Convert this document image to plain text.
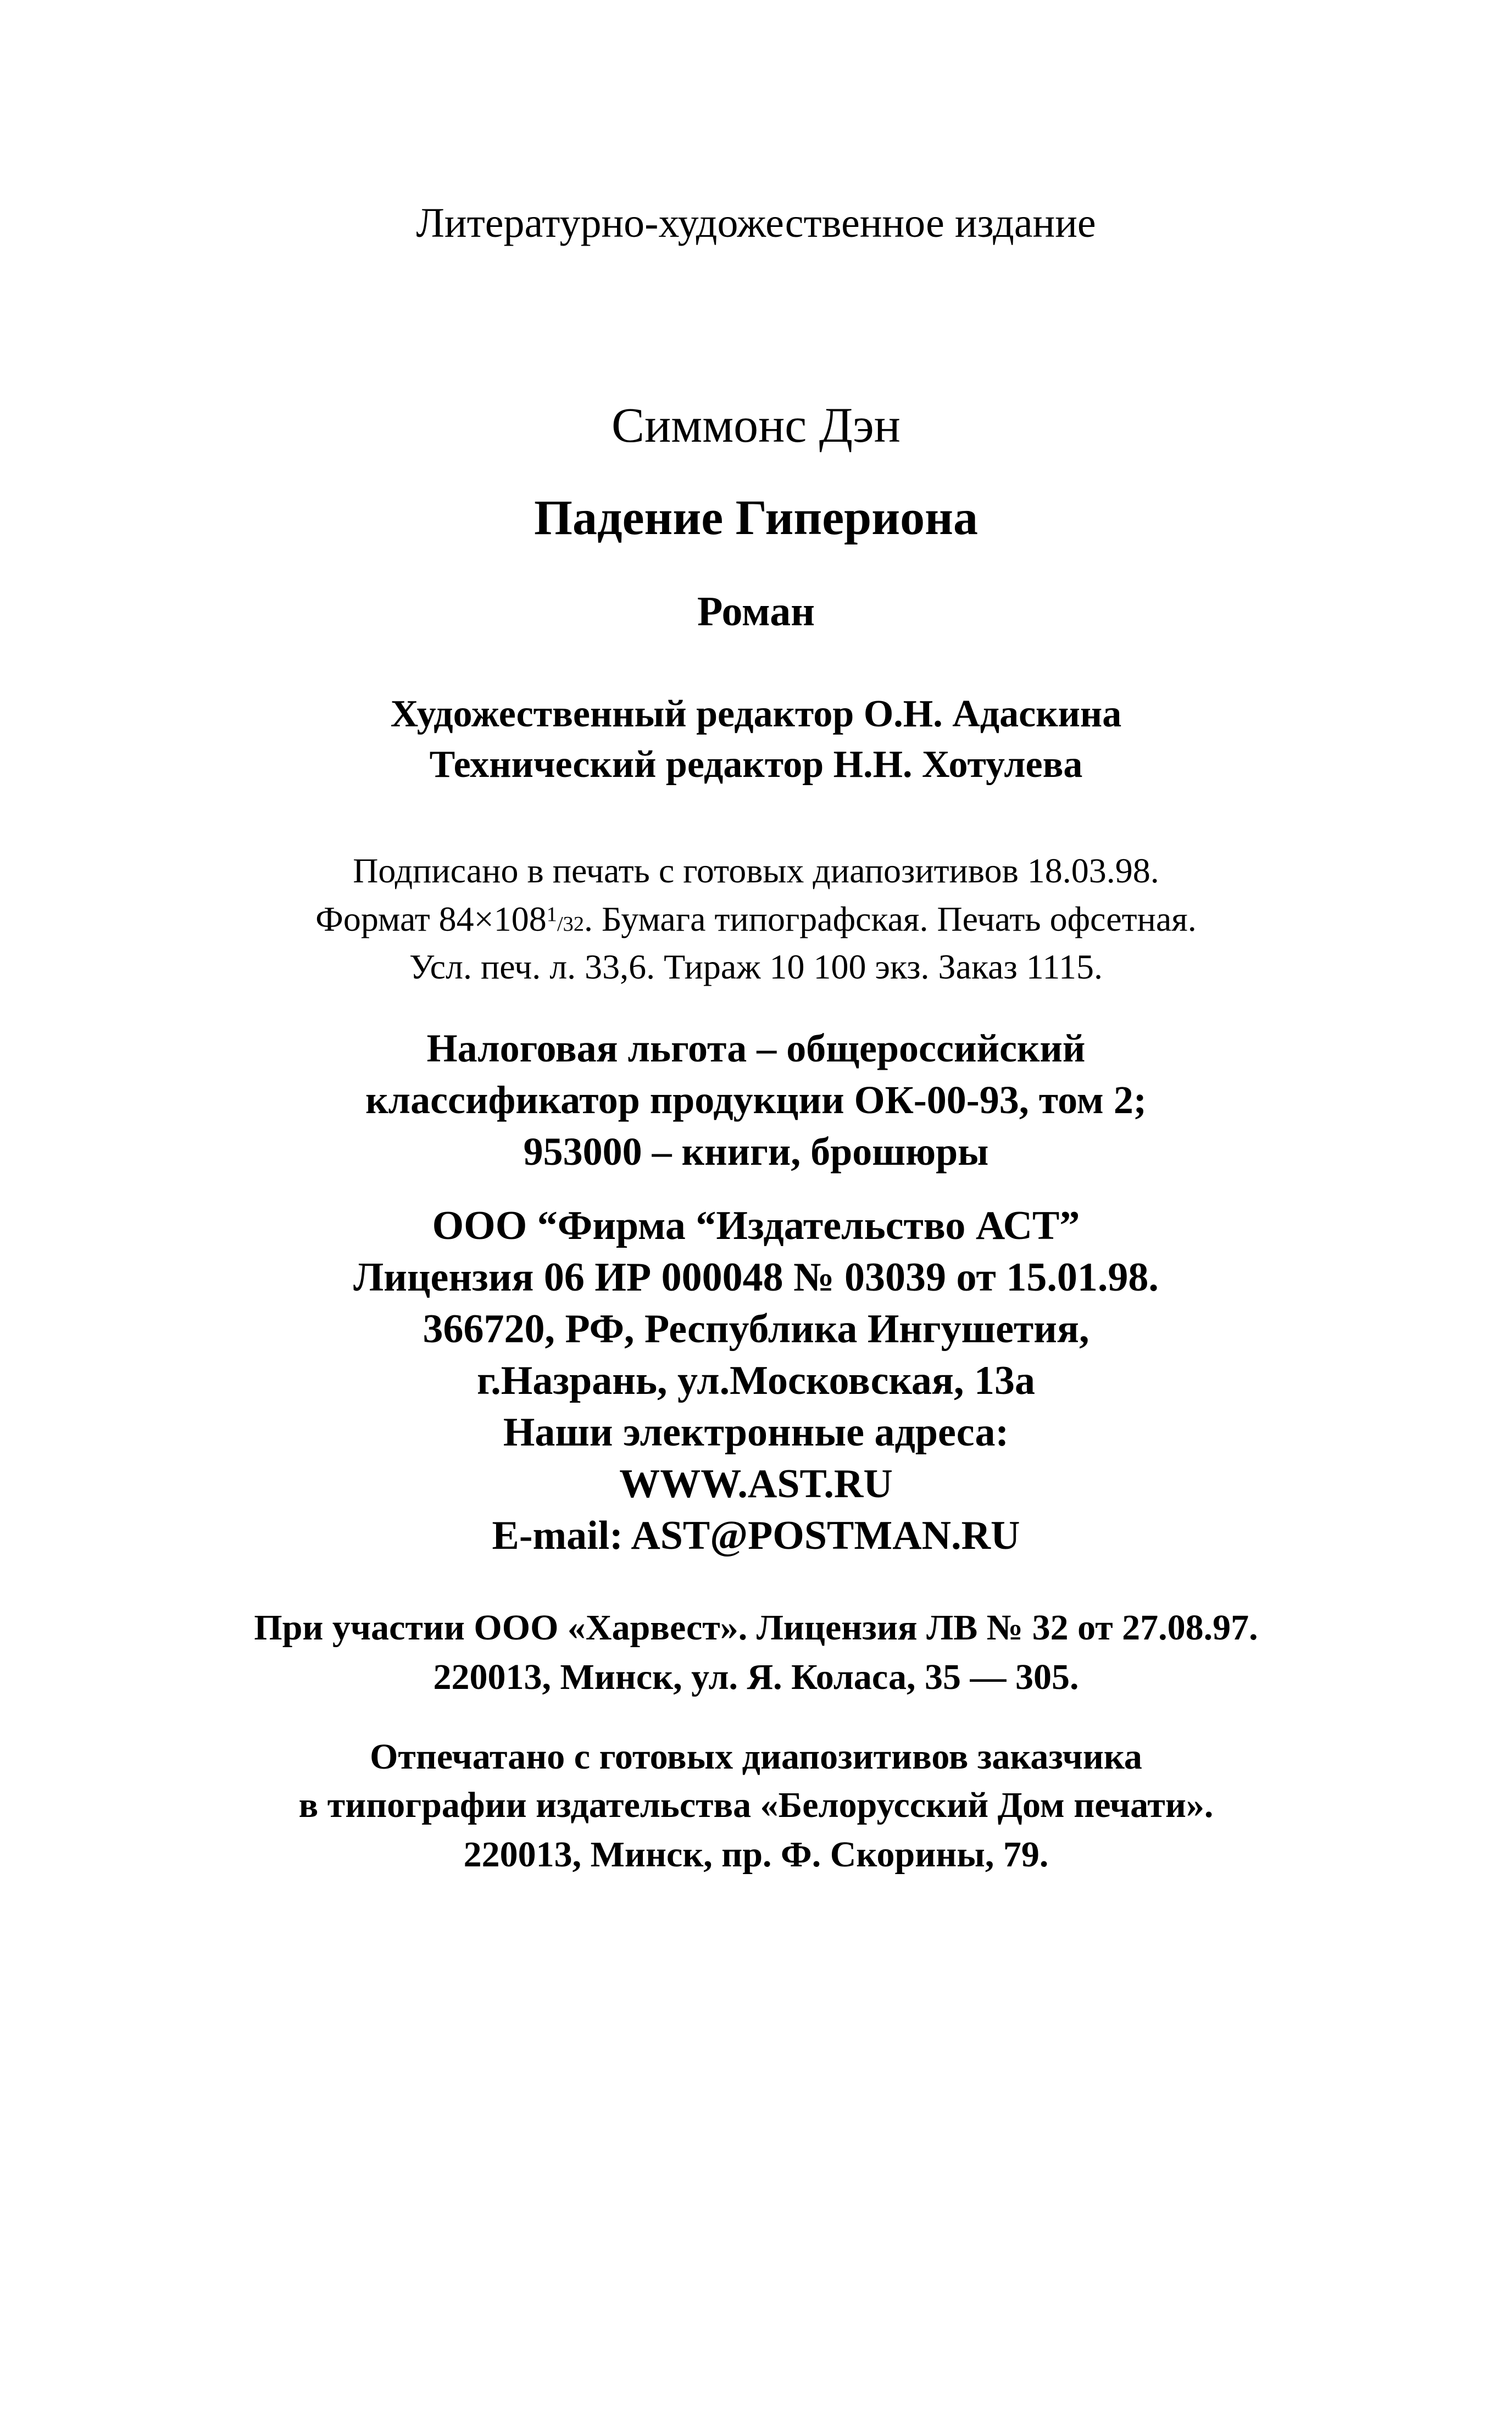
Литературно-художественное издание
Симмонс Дэн
Падение Гипериона
Роман
Художественный редактор О.Н. Адаскина
Технический редактор Н.Н. Хотулева
Подписано в печать с готовых диапозитивов 18.03.98.
Формат $84\times 108^1/32$. Бумага типографская. Печать офсетная.
Усл. печ. л. 33,6. Тираж 10 100 экз. Заказ 1115.
Налоговая льгота – общероссийский
классификатор продукции ОК-00-93, том 2;
953000 – книги, брошюры
ООО “Фирма “Издательство АСТ”
Лицензия 06 ИР 000048 № 03039 от 15.01.98.
366720, РФ, Республика Ингушетия,
г.Назрань, ул.Московская, 13а
Наши электронные адреса:
WWW.AST.RU
E-mail: AST@POSTMAN.RU
При участии ООО «Харвест». Лицензия ЛВ № 32 от 27.08.97.
220013, Минск, ул. Я. Коласа, 35 — 305.
Отпечатано с готовых диапозитивов заказчика
в типографии издательства «Белорусский Дом печати».
220013, Минск, пр. Ф. Скорины, 79.
